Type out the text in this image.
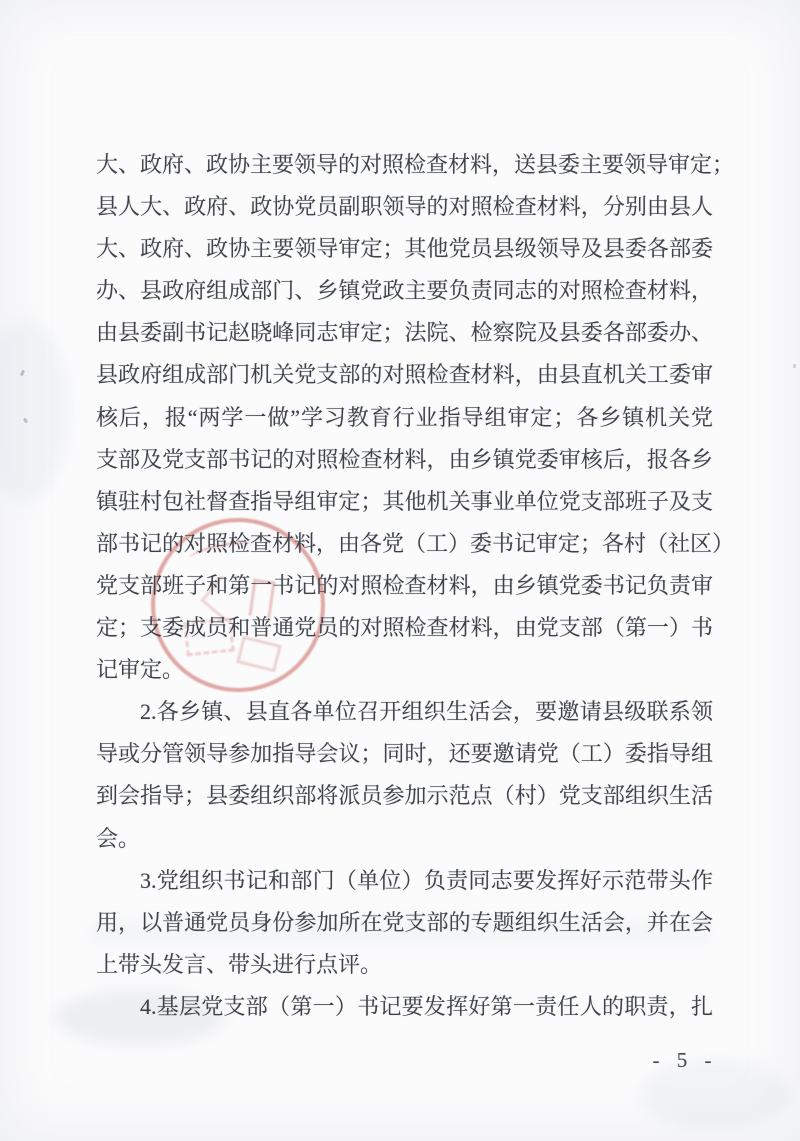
大、政府、政协主要领导的对照检查材料，送县委主要领导审定；
县人大、政府、政协党员副职领导的对照检查材料，分别由县人
大、政府、政协主要领导审定；其他党员县级领导及县委各部委
办、县政府组成部门、乡镇党政主要负责同志的对照检查材料，
由县委副书记赵晓峰同志审定；法院、检察院及县委各部委办、
县政府组成部门机关党支部的对照检查材料，由县直机关工委审
核后，报“两学一做”学习教育行业指导组审定；各乡镇机关党
支部及党支部书记的对照检查材料，由乡镇党委审核后，报各乡
镇驻村包社督查指导组审定；其他机关事业单位党支部班子及支
部书记的对照检查材料，由各党（工）委书记审定；各村（社区）
党支部班子和第一书记的对照检查材料，由乡镇党委书记负责审
定；支委成员和普通党员的对照检查材料，由党支部（第一）书
记审定。
2.各乡镇、县直各单位召开组织生活会，要邀请县级联系领
导或分管领导参加指导会议；同时，还要邀请党（工）委指导组
到会指导；县委组织部将派员参加示范点（村）党支部组织生活
会。
3.党组织书记和部门（单位）负责同志要发挥好示范带头作
用，以普通党员身份参加所在党支部的专题组织生活会，并在会
上带头发言、带头进行点评。
4.基层党支部（第一）书记要发挥好第一责任人的职责，扎
- 5 -
